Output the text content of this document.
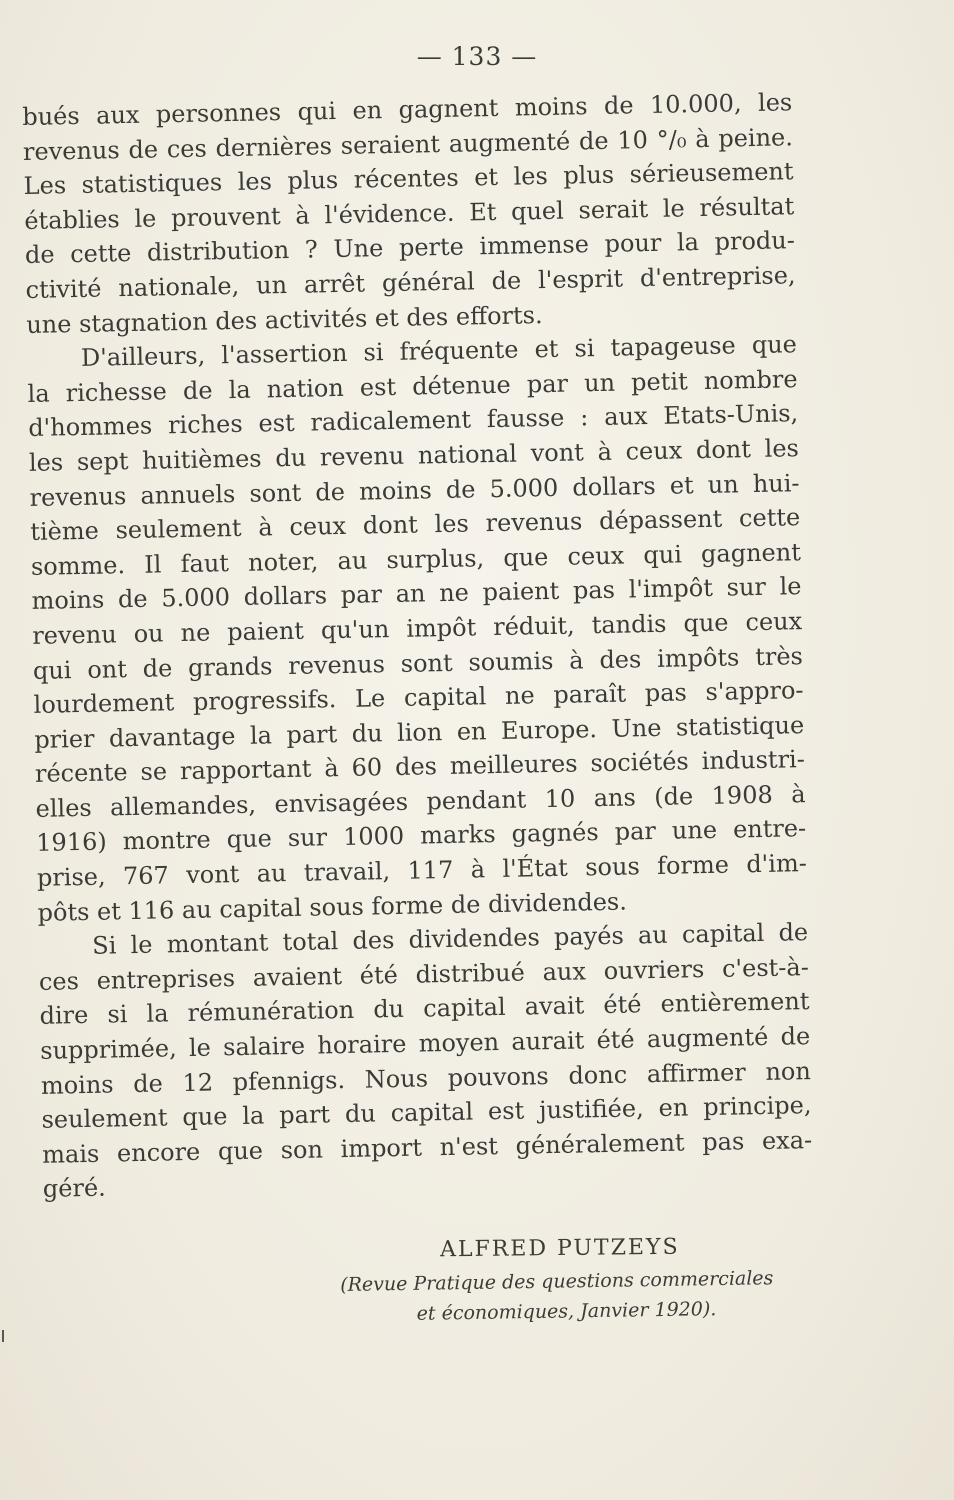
— 133 —
bués aux personnes qui en gagnent moins de 10.000, les
revenus de ces dernières seraient augmenté de 10 °/₀ à peine.
Les statistiques les plus récentes et les plus sérieusement
établies le prouvent à l'évidence. Et quel serait le résultat
de cette distribution ? Une perte immense pour la produ-
ctivité nationale, un arrêt général de l'esprit d'entreprise,
une stagnation des activités et des efforts.
D'ailleurs, l'assertion si fréquente et si tapageuse que
la richesse de la nation est détenue par un petit nombre
d'hommes riches est radicalement fausse : aux Etats-Unis,
les sept huitièmes du revenu national vont à ceux dont les
revenus annuels sont de moins de 5.000 dollars et un hui-
tième seulement à ceux dont les revenus dépassent cette
somme. Il faut noter, au surplus, que ceux qui gagnent
moins de 5.000 dollars par an ne paient pas l'impôt sur le
revenu ou ne paient qu'un impôt réduit, tandis que ceux
qui ont de grands revenus sont soumis à des impôts très
lourdement progressifs. Le capital ne paraît pas s'appro-
prier davantage la part du lion en Europe. Une statistique
récente se rapportant à 60 des meilleures sociétés industri-
elles allemandes, envisagées pendant 10 ans (de 1908 à
1916) montre que sur 1000 marks gagnés par une entre-
prise, 767 vont au travail, 117 à l'État sous forme d'im-
pôts et 116 au capital sous forme de dividendes.
Si le montant total des dividendes payés au capital de
ces entreprises avaient été distribué aux ouvriers c'est-à-
dire si la rémunération du capital avait été entièrement
supprimée, le salaire horaire moyen aurait été augmenté de
moins de 12 pfennigs. Nous pouvons donc affirmer non
seulement que la part du capital est justifiée, en principe,
mais encore que son import n'est généralement pas exa-
géré.
ALFRED PUTZEYS
(Revue Pratique des questions commerciales
et économiques, Janvier 1920).
